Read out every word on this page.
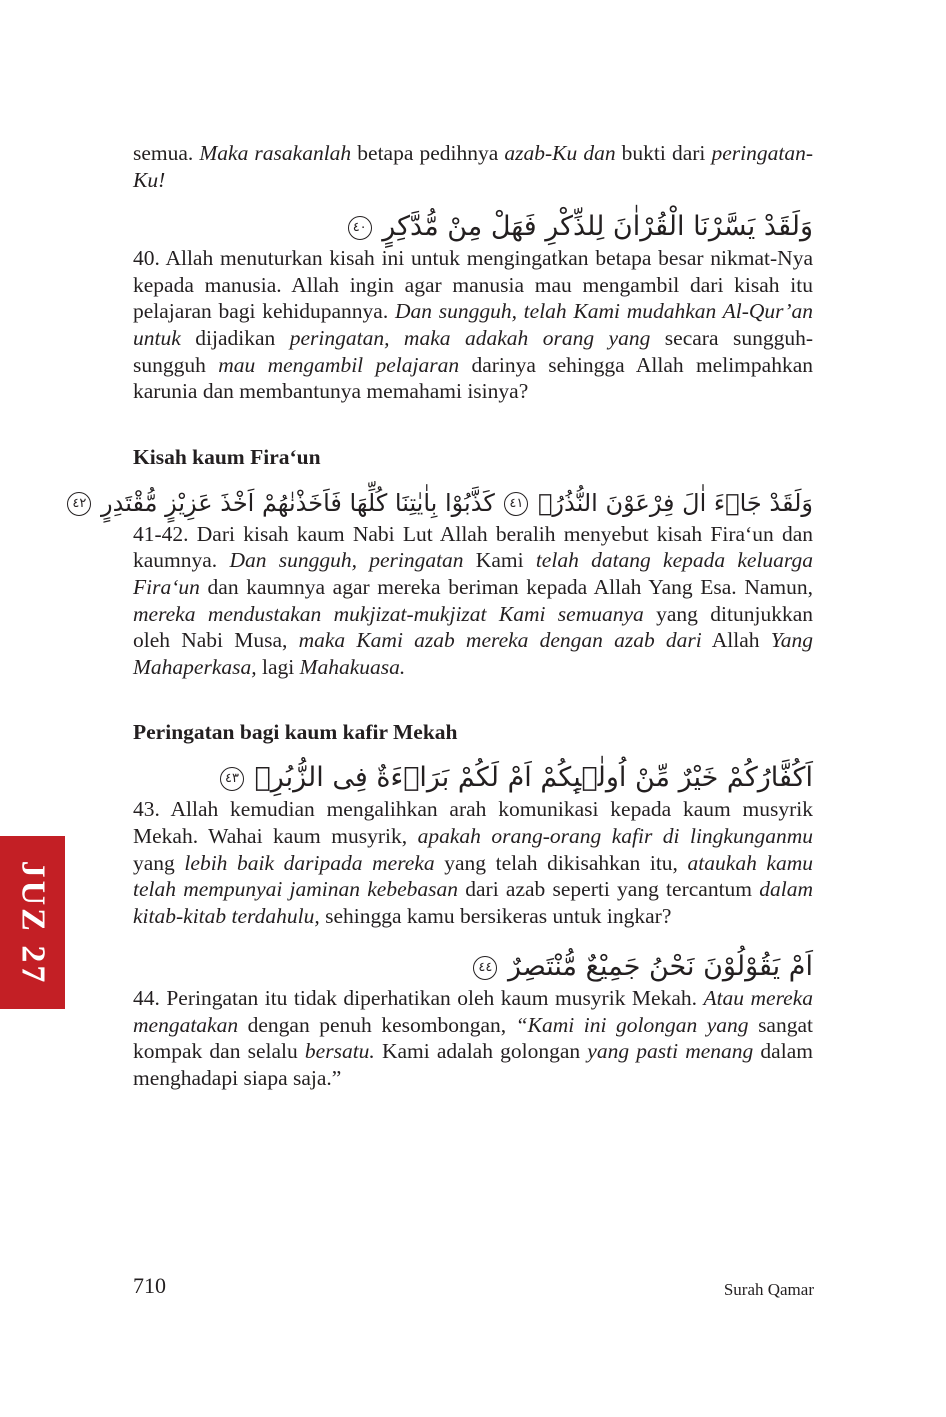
semua. Maka rasakanlah betapa pedihnya azab-Ku dan bukti dari peringatan-Ku!

وَلَقَدْ يَسَّرْنَا الْقُرْاٰنَ لِلذِّكْرِ فَهَلْ مِنْ مُّدَّكِرٍ ٤٠

40. Allah menuturkan kisah ini untuk mengingatkan betapa besar nikmat-Nya kepada manusia. Allah ingin agar manusia mau mengambil dari kisah itu pelajaran bagi kehidupannya. Dan sungguh, telah Kami mudahkan Al-Qur’an untuk dijadikan peringatan, maka adakah orang yang secara sungguh-sungguh mau mengambil pelajaran darinya sehingga Allah melimpahkan karunia dan membantunya memahami isinya?

Kisah kaum Fira‘un

وَلَقَدْ جَاۤءَ اٰلَ فِرْعَوْنَ النُّذُرُۚ ٤١ كَذَّبُوْا بِاٰيٰتِنَا كُلِّهَا فَاَخَذْنٰهُمْ اَخْذَ عَزِيْزٍ مُّقْتَدِرٍ ٤٢

41-42. Dari kisah kaum Nabi Lut Allah beralih menyebut kisah Fira‘un dan kaumnya. Dan sungguh, peringatan Kami telah datang kepada keluarga Fira‘un dan kaumnya agar mereka beriman kepada Allah Yang Esa. Namun, mereka mendustakan mukjizat-mukjizat Kami semuanya yang ditunjukkan oleh Nabi Musa, maka Kami azab mereka dengan azab dari Allah Yang Mahaperkasa, lagi Mahakuasa.

Peringatan bagi kaum kafir Mekah

اَكُفَّارُكُمْ خَيْرٌ مِّنْ اُولٰۤىِٕكُمْ اَمْ لَكُمْ بَرَاۤءَةٌ فِى الزُّبُرِۚ ٤٣

43. Allah kemudian mengalihkan arah komunikasi kepada kaum musyrik Mekah. Wahai kaum musyrik, apakah orang-orang kafir di lingkunganmu yang lebih baik daripada mereka yang telah dikisahkan itu, ataukah kamu telah mempunyai jaminan kebebasan dari azab seperti yang tercantum dalam kitab-kitab terdahulu, sehingga kamu bersikeras untuk ingkar?

اَمْ يَقُوْلُوْنَ نَحْنُ جَمِيْعٌ مُّنْتَصِرٌ ٤٤

44. Peringatan itu tidak diperhatikan oleh kaum musyrik Mekah. Atau mereka mengatakan dengan penuh kesombongan, “Kami ini golongan yang sangat kompak dan selalu bersatu. Kami adalah golongan yang pasti menang dalam menghadapi siapa saja.”

JUZ 27
710	Surah Qamar
